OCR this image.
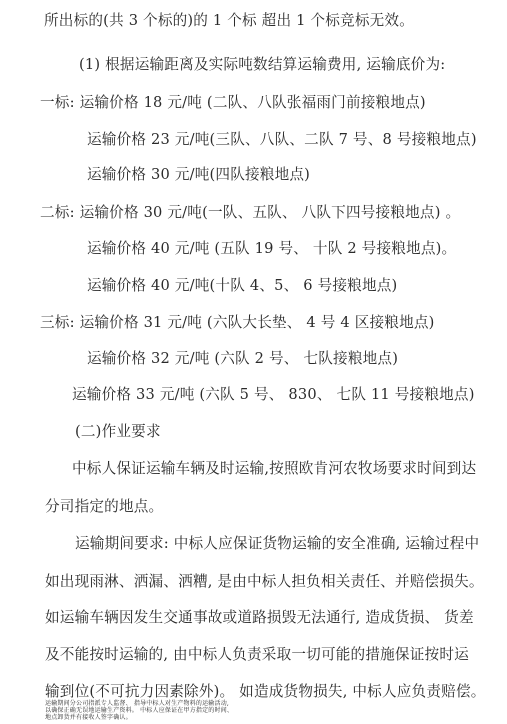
所出标的(共 3 个标的)的 1 个标 超出 1 个标竞标无效。
(1) 根据运输距离及实际吨数结算运输费用, 运输底价为:
一标: 运输价格 18 元/吨 (二队、八队张福雨门前接粮地点)
运输价格 23 元/吨(三队、八队、二队 7 号、8 号接粮地点)
运输价格 30 元/吨(四队接粮地点)
二标: 运输价格 30 元/吨(一队、五队、 八队下四号接粮地点) 。
运输价格 40 元/吨 (五队 19 号、 十队 2 号接粮地点)。
运输价格 40 元/吨(十队 4、5、 6 号接粮地点)
三标: 运输价格 31 元/吨 (六队大长垫、 4 号 4 区接粮地点)
运输价格 32 元/吨 (六队 2 号、 七队接粮地点)
运输价格 33 元/吨 (六队 5 号、 830、 七队 11 号接粮地点)
(二)作业要求
中标人保证运输车辆及时运输,按照欧肯河农牧场要求时间到达
分司指定的地点。
运输期间要求: 中标人应保证货物运输的安全准确, 运输过程中
如出现雨淋、洒漏、洒糟, 是由中标人担负相关责任、并赔偿损失。
如运输车辆因发生交通事故或道路损毁无法通行, 造成货损、 货差
及不能按时运输的, 由中标人负责采取一切可能的措施保证按时运
输到位(不可抗力因素除外)。 如造成货物损失, 中标人应负责赔偿。
运输期间分公司指派专人监督、 指导中标人对生产物料的运输活动,
以确保正确无误地运输生产资料。 中标人应保证在甲方指定的时间、
地点卸货并有接收人签字确认。
